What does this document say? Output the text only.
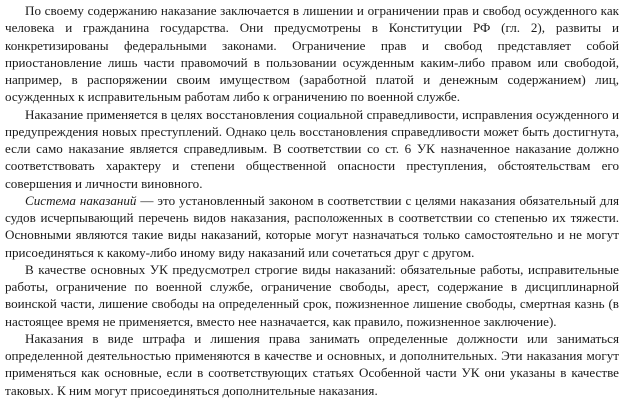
По своему содержанию наказание заключается в лишении и ограничении прав и свобод осужденного как человека и гражданина государства. Они предусмотрены в Конституции РФ (гл. 2), развиты и конкретизированы федеральными законами. Ограничение прав и свобод представляет собой приостановление лишь части правомочий в пользовании осужденным каким-либо правом или свободой, например, в распоряжении своим имуществом (заработной платой и денежным содержанием) лиц, осужденных к исправительным работам либо к ограничению по военной службе.

Наказание применяется в целях восстановления социальной справедливости, исправления осужденного и предупреждения новых преступлений. Однако цель восстановления справедливости может быть достигнута, если само наказание является справедливым. В соответствии со ст. 6 УК назначенное наказание должно соответствовать характеру и степени общественной опасности преступления, обстоятельствам его совершения и личности виновного.

Система наказаний — это установленный законом в соответствии с целями наказания обязательный для судов исчерпывающий перечень видов наказания, расположенных в соответствии со степенью их тяжести. Основными являются такие виды наказаний, которые могут назначаться только самостоятельно и не могут присоединяться к какому-либо иному виду наказаний или сочетаться друг с другом.

В качестве основных УК предусмотрел строгие виды наказаний: обязательные работы, исправительные работы, ограничение по военной службе, ограничение свободы, арест, содержание в дисциплинарной воинской части, лишение свободы на определенный срок, пожизненное лишение свободы, смертная казнь (в настоящее время не применяется, вместо нее назначается, как правило, пожизненное заключение).

Наказания в виде штрафа и лишения права занимать определенные должности или заниматься определенной деятельностью применяются в качестве и основных, и дополнительных. Эти наказания могут применяться как основные, если в соответствующих статьях Особенной части УК они указаны в качестве таковых. К ним могут присоединяться дополнительные наказания.
